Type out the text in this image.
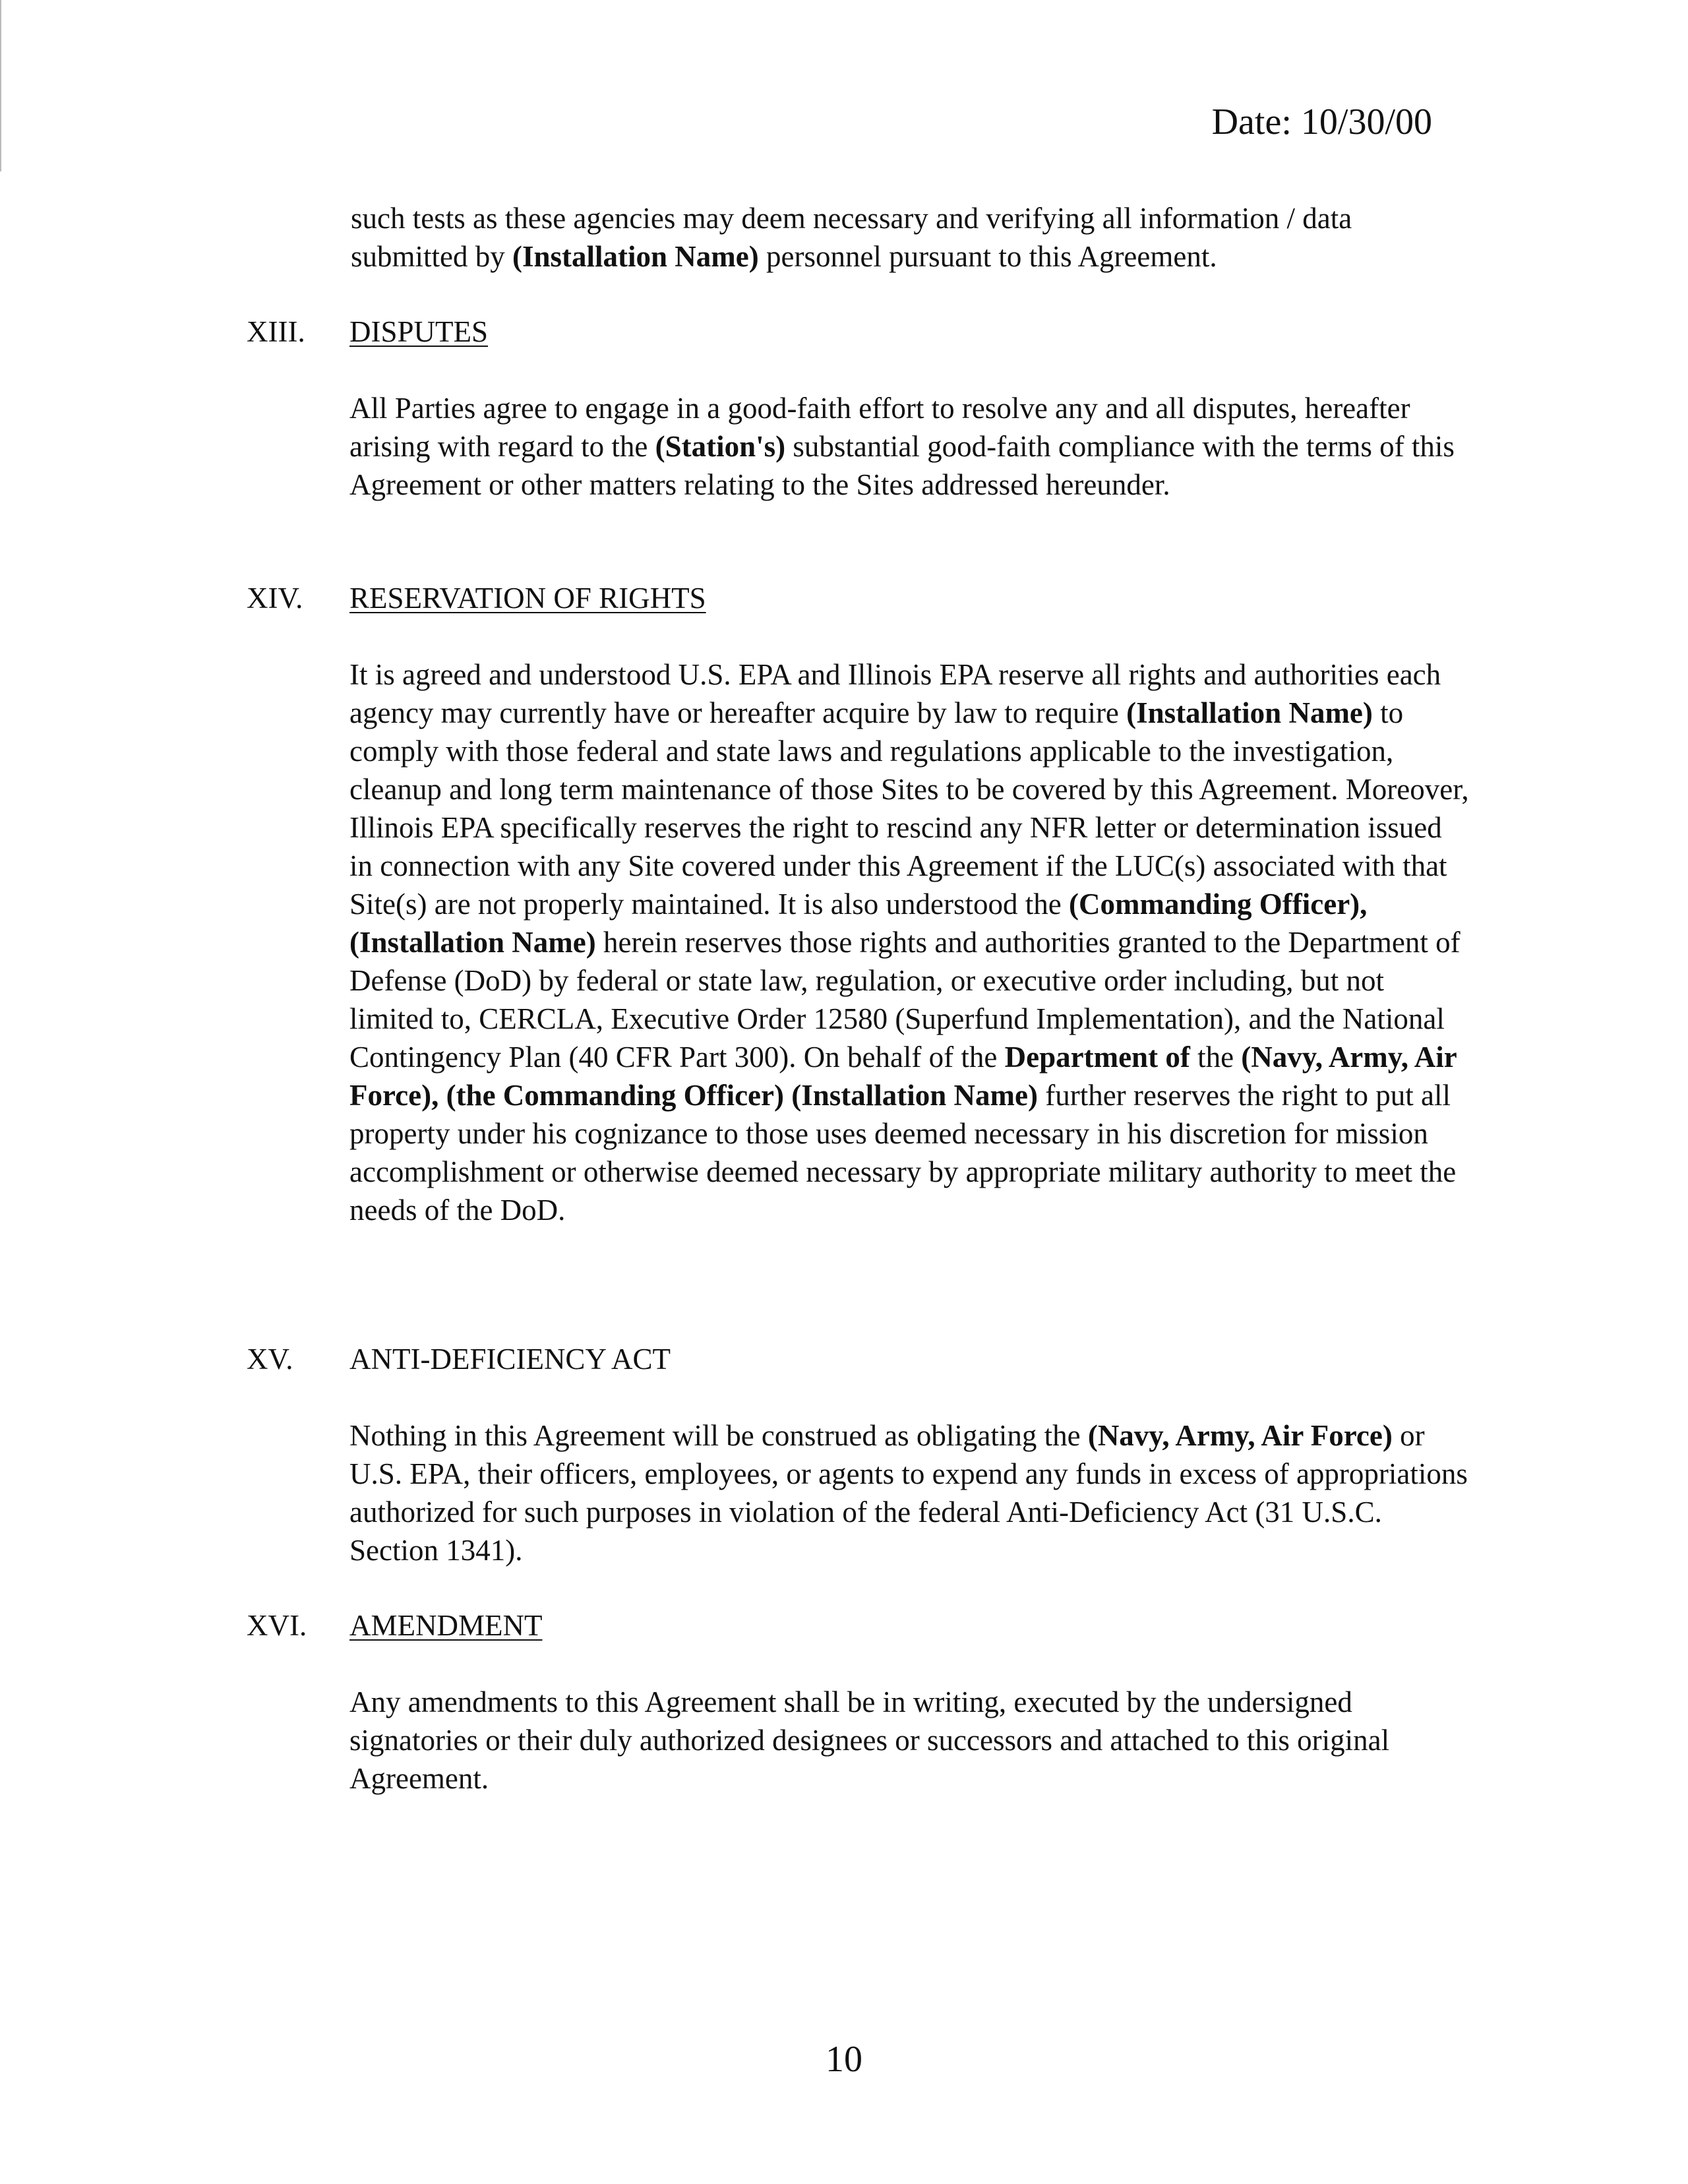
Date: 10/30/00

such tests as these agencies may deem necessary and verifying all information / data submitted by (Installation Name) personnel pursuant to this Agreement.

XIII. DISPUTES

All Parties agree to engage in a good-faith effort to resolve any and all disputes, hereafter arising with regard to the (Station's) substantial good-faith compliance with the terms of this Agreement or other matters relating to the Sites addressed hereunder.

XIV. RESERVATION OF RIGHTS

It is agreed and understood U.S. EPA and Illinois EPA reserve all rights and authorities each agency may currently have or hereafter acquire by law to require (Installation Name) to comply with those federal and state laws and regulations applicable to the investigation, cleanup and long term maintenance of those Sites to be covered by this Agreement. Moreover, Illinois EPA specifically reserves the right to rescind any NFR letter or determination issued in connection with any Site covered under this Agreement if the LUC(s) associated with that Site(s) are not properly maintained. It is also understood the (Commanding Officer), (Installation Name) herein reserves those rights and authorities granted to the Department of Defense (DoD) by federal or state law, regulation, or executive order including, but not limited to, CERCLA, Executive Order 12580 (Superfund Implementation), and the National Contingency Plan (40 CFR Part 300). On behalf of the Department of the (Navy, Army, Air Force), (the Commanding Officer) (Installation Name) further reserves the right to put all property under his cognizance to those uses deemed necessary in his discretion for mission accomplishment or otherwise deemed necessary by appropriate military authority to meet the needs of the DoD.

XV. ANTI-DEFICIENCY ACT

Nothing in this Agreement will be construed as obligating the (Navy, Army, Air Force) or U.S. EPA, their officers, employees, or agents to expend any funds in excess of appropriations authorized for such purposes in violation of the federal Anti-Deficiency Act (31 U.S.C. Section 1341).

XVI. AMENDMENT

Any amendments to this Agreement shall be in writing, executed by the undersigned signatories or their duly authorized designees or successors and attached to this original Agreement.

10
